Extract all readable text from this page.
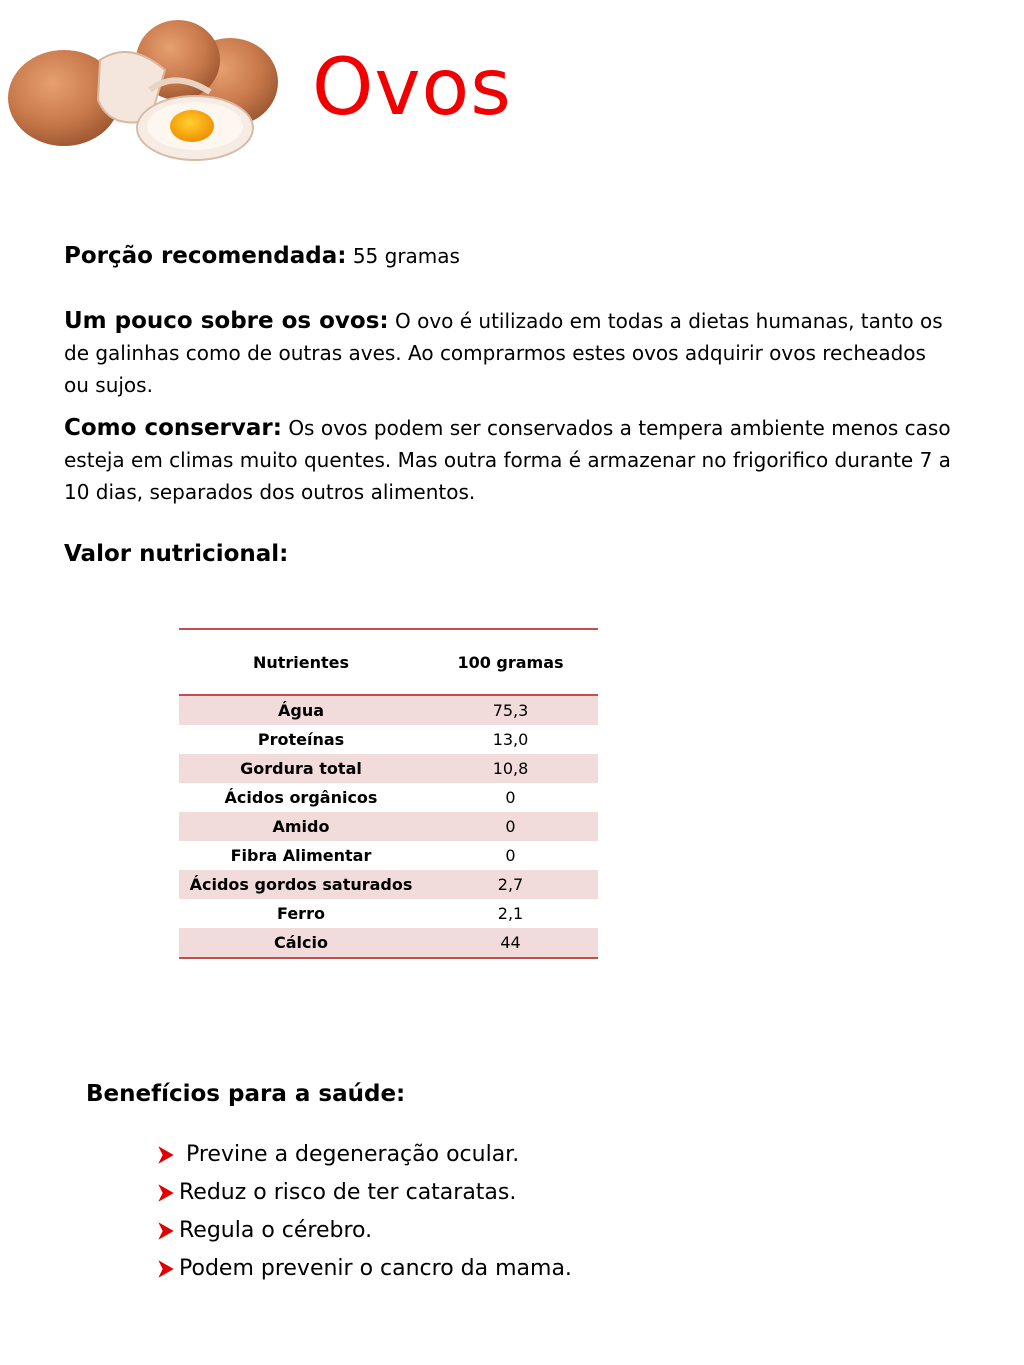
Ovos
Porção recomendada: 55 gramas
Um pouco sobre os ovos: O ovo é utilizado em todas a dietas humanas, tanto os de galinhas como de outras aves. Ao comprarmos estes ovos adquirir ovos recheados ou sujos.
Como conservar: Os ovos podem ser conservados a tempera ambiente menos caso esteja em climas muito quentes. Mas outra forma é armazenar no frigorifico durante 7 a 10 dias, separados dos outros alimentos.
Valor nutricional:
Nutrientes	100 gramas
Água	75,3
Proteínas	13,0
Gordura total	10,8
Ácidos orgânicos	0
Amido	0
Fibra Alimentar	0
Ácidos gordos saturados	2,7
Ferro	2,1
Cálcio	44
Benefícios para a saúde:
Previne a degeneração ocular.
Reduz o risco de ter cataratas.
Regula o cérebro.
Podem prevenir o cancro da mama.
